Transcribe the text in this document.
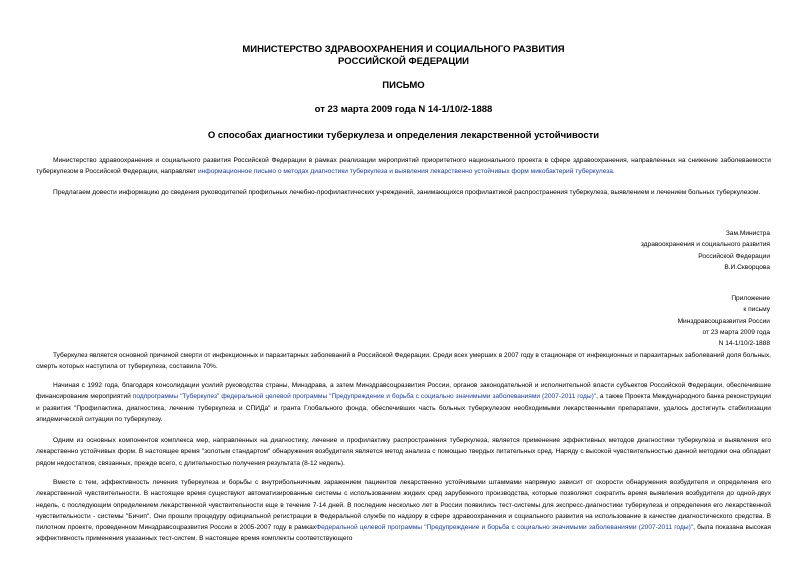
МИНИСТЕРСТВО ЗДРАВООХРАНЕНИЯ И СОЦИАЛЬНОГО РАЗВИТИЯ
РОССИЙСКОЙ ФЕДЕРАЦИИ
ПИСЬМО
от 23 марта 2009 года N 14-1/10/2-1888
О способах диагностики туберкулеза и определения лекарственной устойчивости
Министерство здравоохранения и социального развития Российской Федерации в рамках реализации мероприятий приоритетного национального проекта в сфере здравоохранения, направленных на снижение заболеваемости туберкулезом в Российской Федерации, направляет информационное письмо о методах диагностики туберкулеза и выявления лекарственно устойчивых форм микобактерий туберкулеза.
Предлагаем довести информацию до сведения руководителей профильных лечебно-профилактических учреждений, занимающихся профилактикой распространения туберкулеза, выявлением и лечением больных туберкулезом.
Зам.Министра
здравоохранения и социального развития
Российской Федерации
В.И.Скворцова
Приложение
к письму
Минздравсоцразвития России
от 23 марта 2009 года
N 14-1/10/2-1888
Туберкулез является основной причиной смерти от инфекционных и паразитарных заболеваний в Российской Федерации. Среди всех умерших в 2007 году в стационаре от инфекционных и паразитарных заболеваний доля больных, смерть которых наступила от туберкулеза, составила 70%.
Начиная с 1992 года, благодаря консолидации усилий руководства страны, Минздрава, а затем Минздравсоцразвития России, органов законодательной и исполнительной власти субъектов Российской Федерации, обеспечившие финансирование мероприятий подпрограммы "Туберкулез" федеральной целевой программы "Предупреждение и борьба с социально значимыми заболеваниями (2007-2011 годы)", а также Проекта Международного банка реконструкции и развития "Профилактика, диагностика, лечение туберкулеза и СПИДа" и гранта Глобального фонда, обеспечивших часть больных туберкулезом необходимыми лекарственными препаратами, удалось достигнуть стабилизации эпидемической ситуации по туберкулезу.
Одним из основных компонентов комплекса мер, направленных на диагностику, лечение и профилактику распространения туберкулеза, является применение эффективных методов диагностики туберкулеза и выявления его лекарственно устойчивых форм. В настоящее время "золотым стандартом" обнаружения возбудителя является метод анализа с помощью твердых питательных сред. Наряду с высокой чувствительностью данной методики она обладает рядом недостатков, связанных, прежде всего, с длительностью получения результата (8-12 недель).
Вместе с тем, эффективность лечения туберкулеза и борьбы с внутрибольничным заражением пациентов лекарственно устойчивыми штаммами напрямую зависит от скорости обнаружения возбудителя и определения его лекарственной чувствительности. В настоящее время существуют автоматизированные системы с использованием жидких сред зарубежного производства, которые позволяют сократить время выявления возбудителя до одной-двух недель, с последующим определением лекарственной чувствительности еще в течение 7-14 дней. В последние несколько лет в России появились тест-системы для экспресс-диагностики туберкулеза и определения его лекарственной чувствительности - системы "Бичип". Они прошли процедуру официальной регистрации в Федеральной службе по надзору в сфере здравоохранения и социального развития на использование в качестве диагностического средства. В пилотном проекте, проведенном Минздравсоцразвития России в 2005-2007 году в рамкахФедеральной целевой программы "Предупреждение и борьба с социально значимыми заболеваниями (2007-2011 годы)", была показана высокая эффективность применения указанных тест-систем. В настоящее время комплекты соответствующего
